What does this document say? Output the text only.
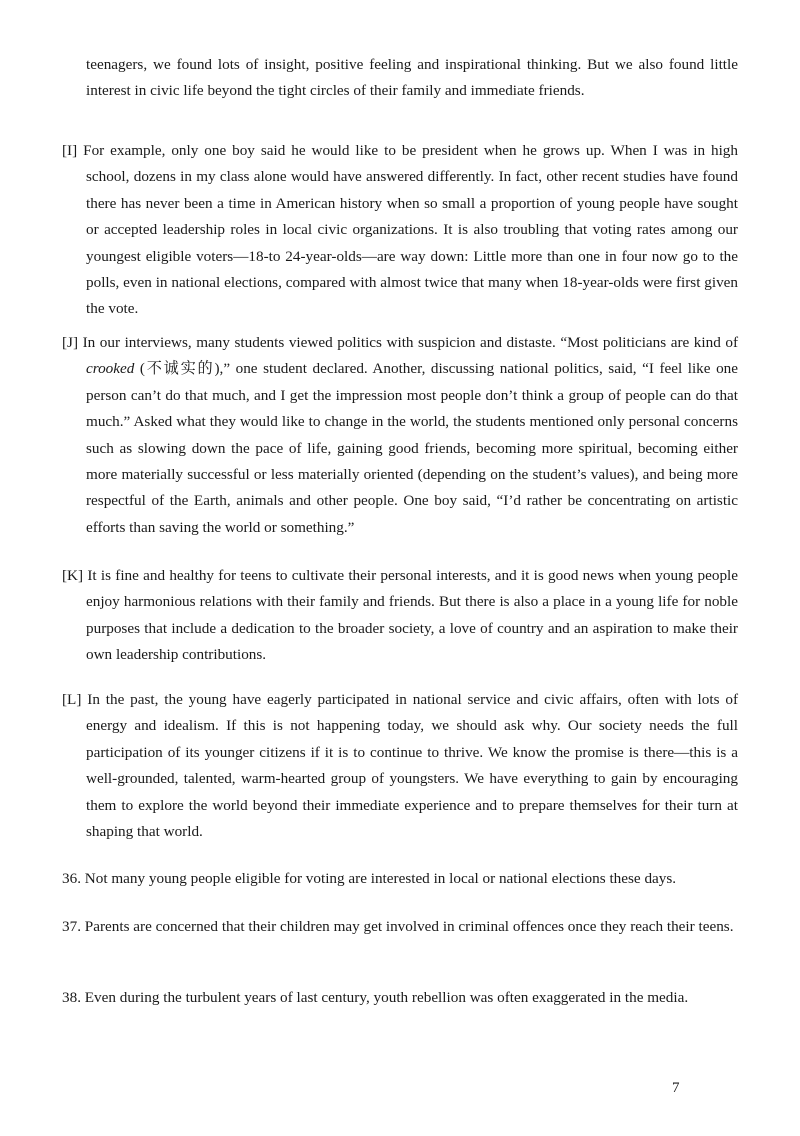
teenagers, we found lots of insight, positive feeling and inspirational thinking. But we also found little interest in civic life beyond the tight circles of their family and immediate friends.

[I] For example, only one boy said he would like to be president when he grows up. When I was in high school, dozens in my class alone would have answered differently. In fact, other recent studies have found there has never been a time in American history when so small a proportion of young people have sought or accepted leadership roles in local civic organizations. It is also troubling that voting rates among our youngest eligible voters—18-to 24-year-olds—are way down: Little more than one in four now go to the polls, even in national elections, compared with almost twice that many when 18-year-olds were first given the vote.

[J] In our interviews, many students viewed politics with suspicion and distaste. “Most politicians are kind of crooked (不诚实的),” one student declared. Another, discussing national politics, said, “I feel like one person can’t do that much, and I get the impression most people don’t think a group of people can do that much.” Asked what they would like to change in the world, the students mentioned only personal concerns such as slowing down the pace of life, gaining good friends, becoming more spiritual, becoming either more materially successful or less materially oriented (depending on the student’s values), and being more respectful of the Earth, animals and other people. One boy said, “I’d rather be concentrating on artistic efforts than saving the world or something.”

[K] It is fine and healthy for teens to cultivate their personal interests, and it is good news when young people enjoy harmonious relations with their family and friends. But there is also a place in a young life for noble purposes that include a dedication to the broader society, a love of country and an aspiration to make their own leadership contributions.

[L] In the past, the young have eagerly participated in national service and civic affairs, often with lots of energy and idealism. If this is not happening today, we should ask why. Our society needs the full participation of its younger citizens if it is to continue to thrive. We know the promise is there—this is a well-grounded, talented, warm-hearted group of youngsters. We have everything to gain by encouraging them to explore the world beyond their immediate experience and to prepare themselves for their turn at shaping that world.

36. Not many young people eligible for voting are interested in local or national elections these days.

37. Parents are concerned that their children may get involved in criminal offences once they reach their teens.

38. Even during the turbulent years of last century, youth rebellion was often exaggerated in the media.

7
